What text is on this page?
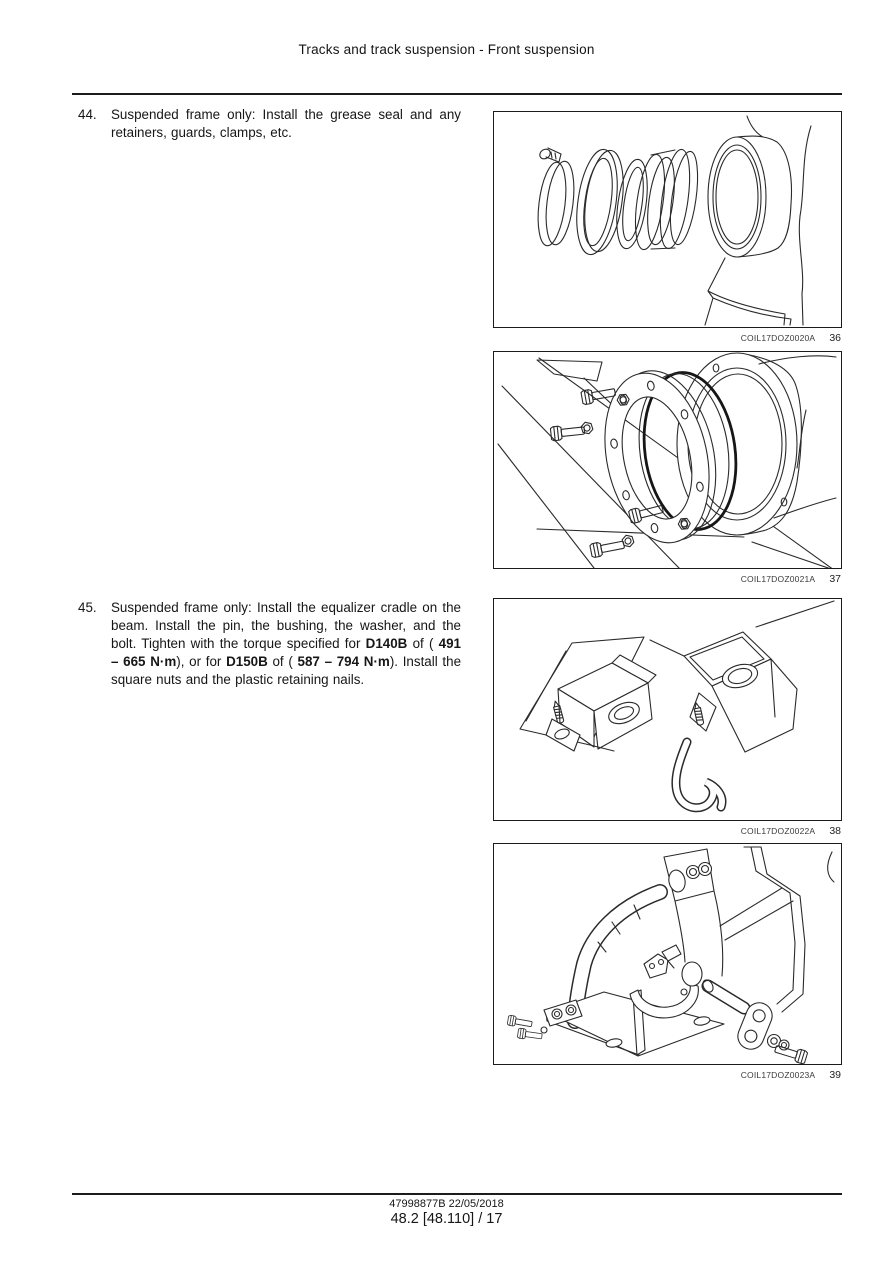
Tracks and track suspension - Front suspension
44.	Suspended frame only: Install the grease seal and any retainers, guards, clamps, etc.
45.	Suspended frame only: Install the equalizer cradle on the beam. Install the pin, the bushing, the washer, and the bolt. Tighten with the torque specified for D140B of ( 491 – 665 N·m), or for D150B of ( 587 – 794 N·m). Install the square nuts and the plastic retaining nails.
COIL17DOZ0020A 36
COIL17DOZ0021A 37
COIL17DOZ0022A 38
COIL17DOZ0023A 39
47998877B 22/05/2018
48.2 [48.110] / 17
